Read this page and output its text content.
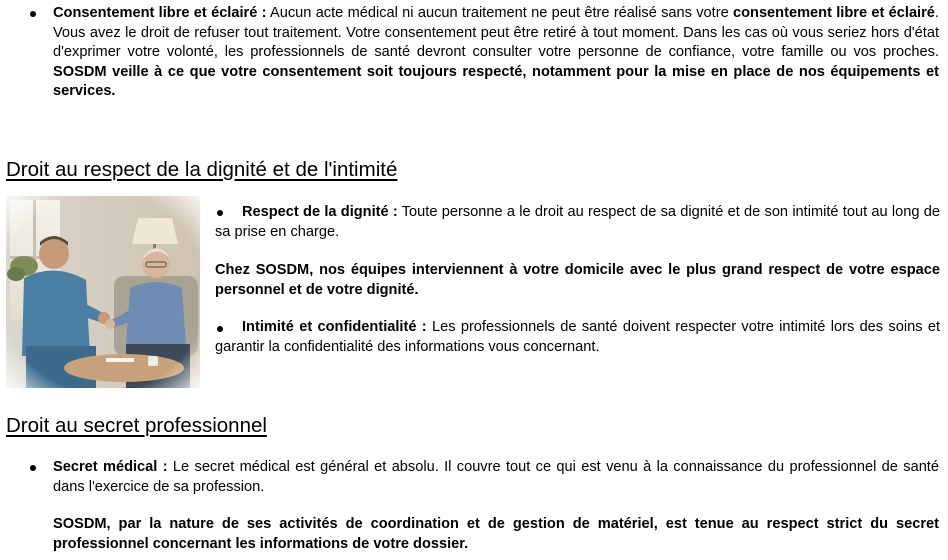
Consentement libre et éclairé : Aucun acte médical ni aucun traitement ne peut être réalisé sans votre consentement libre et éclairé. Vous avez le droit de refuser tout traitement. Votre consentement peut être retiré à tout moment. Dans les cas où vous seriez hors d'état d'exprimer votre volonté, les professionnels de santé devront consulter votre personne de confiance, votre famille ou vos proches. SOSDM veille à ce que votre consentement soit toujours respecté, notamment pour la mise en place de nos équipements et services.

Droit au respect de la dignité et de l'intimité

Respect de la dignité : Toute personne a le droit au respect de sa dignité et de son intimité tout au long de sa prise en charge.

Chez SOSDM, nos équipes interviennent à votre domicile avec le plus grand respect de votre espace personnel et de votre dignité.

Intimité et confidentialité : Les professionnels de santé doivent respecter votre intimité lors des soins et garantir la confidentialité des informations vous concernant.

Droit au secret professionnel

Secret médical : Le secret médical est général et absolu. Il couvre tout ce qui est venu à la connaissance du professionnel de santé dans l'exercice de sa profession.

SOSDM, par la nature de ses activités de coordination et de gestion de matériel, est tenue au respect strict du secret professionnel concernant les informations de votre dossier.
